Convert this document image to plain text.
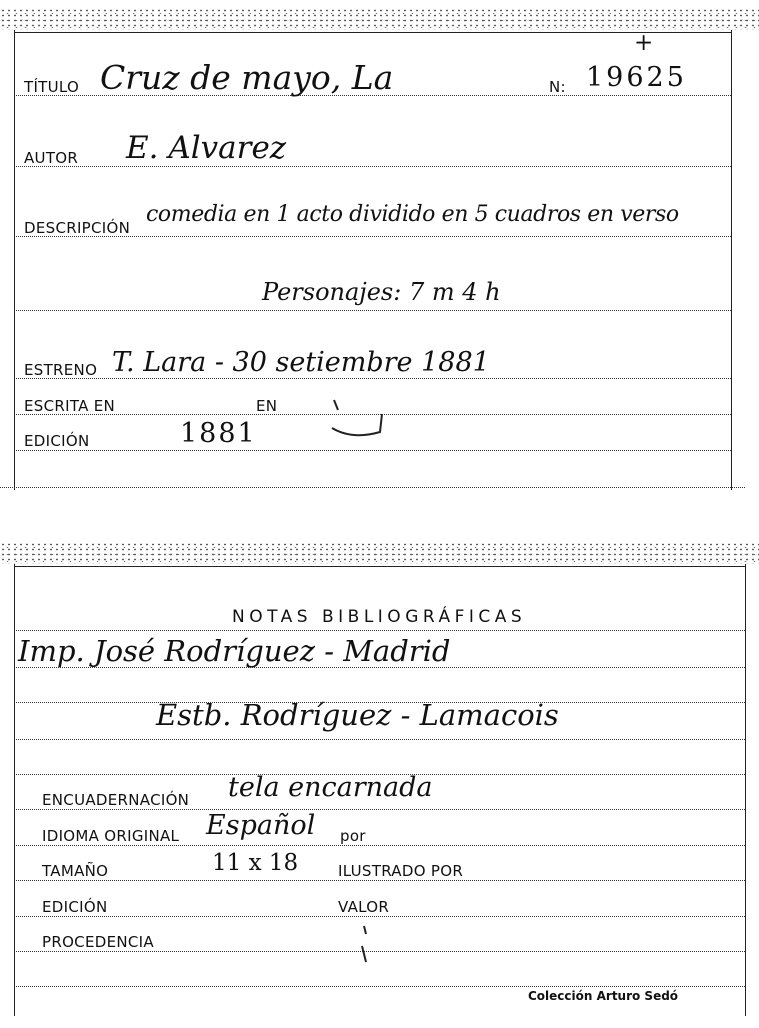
+
TÍTULO Cruz de mayo, La	N: 19625
AUTOR E. Alvarez
DESCRIPCIÓN
comedia en 1 acto dividido en 5 cuadros en verso
Personajes: 7 m 4 h
ESTRENO T. Lara - 30 setiembre 1881
ESCRITA EN	EN
EDICIÓN	1881
NOTAS BIBLIOGRÁFICAS
Imp. José Rodríguez - Madrid
Estb. Rodríguez - Lamacois
ENCUADERNACIÓN tela encarnada
IDIOMA ORIGINAL Español por
TAMAÑO	11 x 18	ILUSTRADO POR
EDICIÓN	VALOR
PROCEDENCIA
Colección Arturo Sedó
